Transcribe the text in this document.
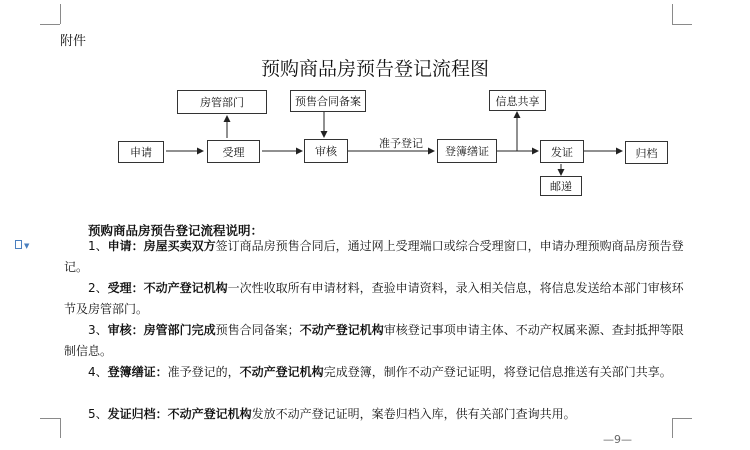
▼
附件
预购商品房预告登记流程图
申请
房管部门
受理
预售合同备案
审核
准予登记
登簿缮证
信息共享
发证
邮递
归档
预购商品房预告登记流程说明：
1、申请：房屋买卖双方签订商品房预售合同后，通过网上受理端口或综合受理窗口，申请办理预购商品房预告登记。
2、受理：不动产登记机构一次性收取所有申请材料，查验申请资料，录入相关信息，将信息发送给本部门审核环节及房管部门。
3、审核：房管部门完成预售合同备案；不动产登记机构审核登记事项申请主体、不动产权属来源、查封抵押等限制信息。
4、登簿缮证：准予登记的，不动产登记机构完成登簿，制作不动产登记证明，将登记信息推送有关部门共享。
5、发证归档：不动产登记机构发放不动产登记证明，案卷归档入库，供有关部门查询共用。
—9—
